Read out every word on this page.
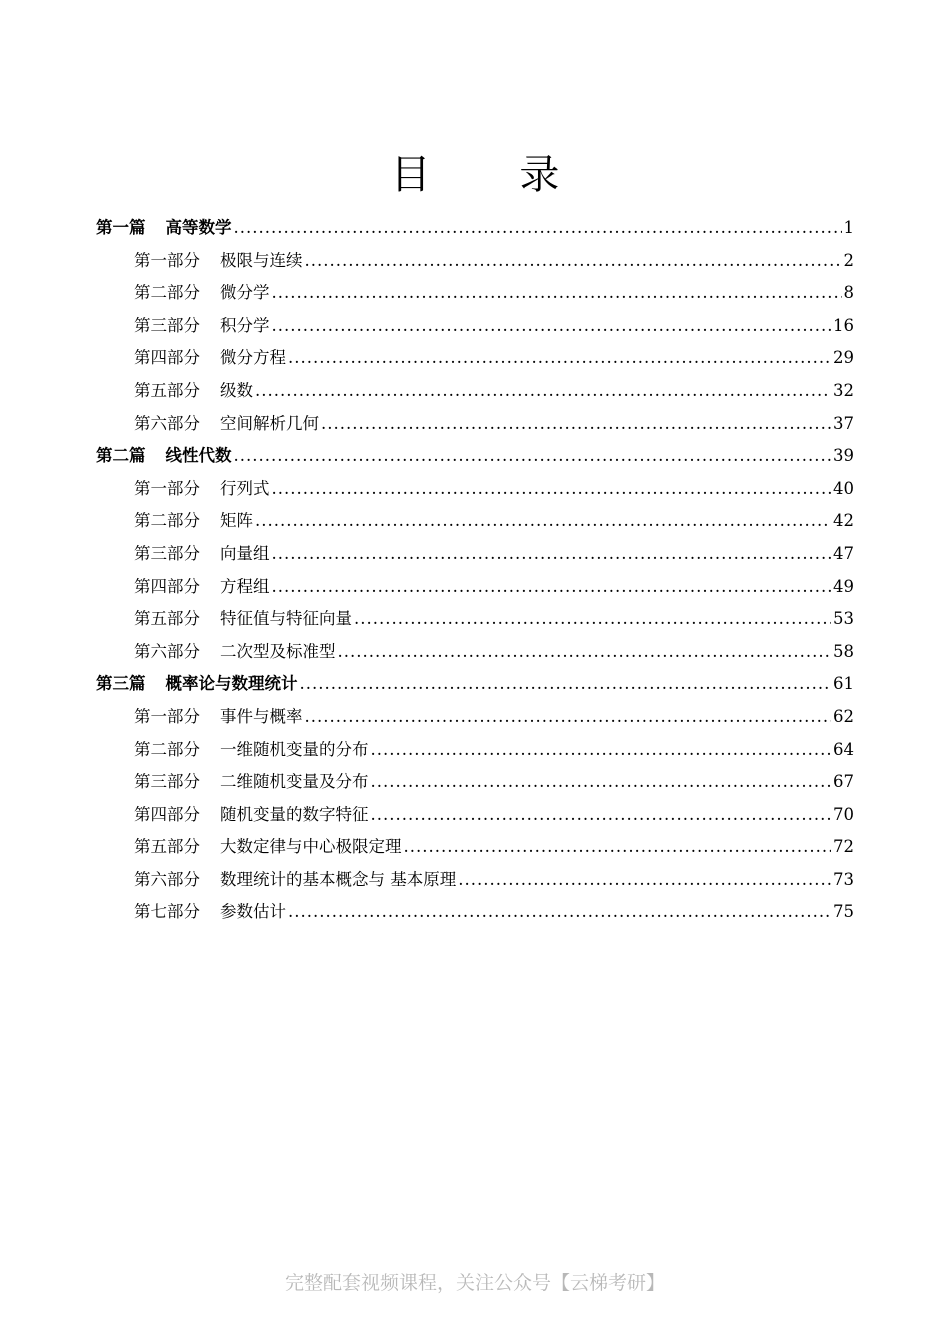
目 录
第一篇 高等数学 .....	1
第一部分 极限与连续 .....	2
第二部分 微分学 .....	8
第三部分 积分学 .....	16
第四部分 微分方程 .....	29
第五部分 级数 .....	32
第六部分 空间解析几何 .....	37
第二篇 线性代数 .....	39
第一部分 行列式 .....	40
第二部分 矩阵 .....	42
第三部分 向量组 .....	47
第四部分 方程组 .....	49
第五部分 特征值与特征向量 .....	53
第六部分 二次型及标准型 .....	58
第三篇 概率论与数理统计 .....	61
第一部分 事件与概率 .....	62
第二部分 一维随机变量的分布 .....	64
第三部分 二维随机变量及分布 .....	67
第四部分 随机变量的数字特征 .....	70
第五部分 大数定律与中心极限定理 .....	72
第六部分 数理统计的基本概念与 基本原理 .....	73
第七部分 参数估计 .....	75
完整配套视频课程，关注公众号【云梯考研】
